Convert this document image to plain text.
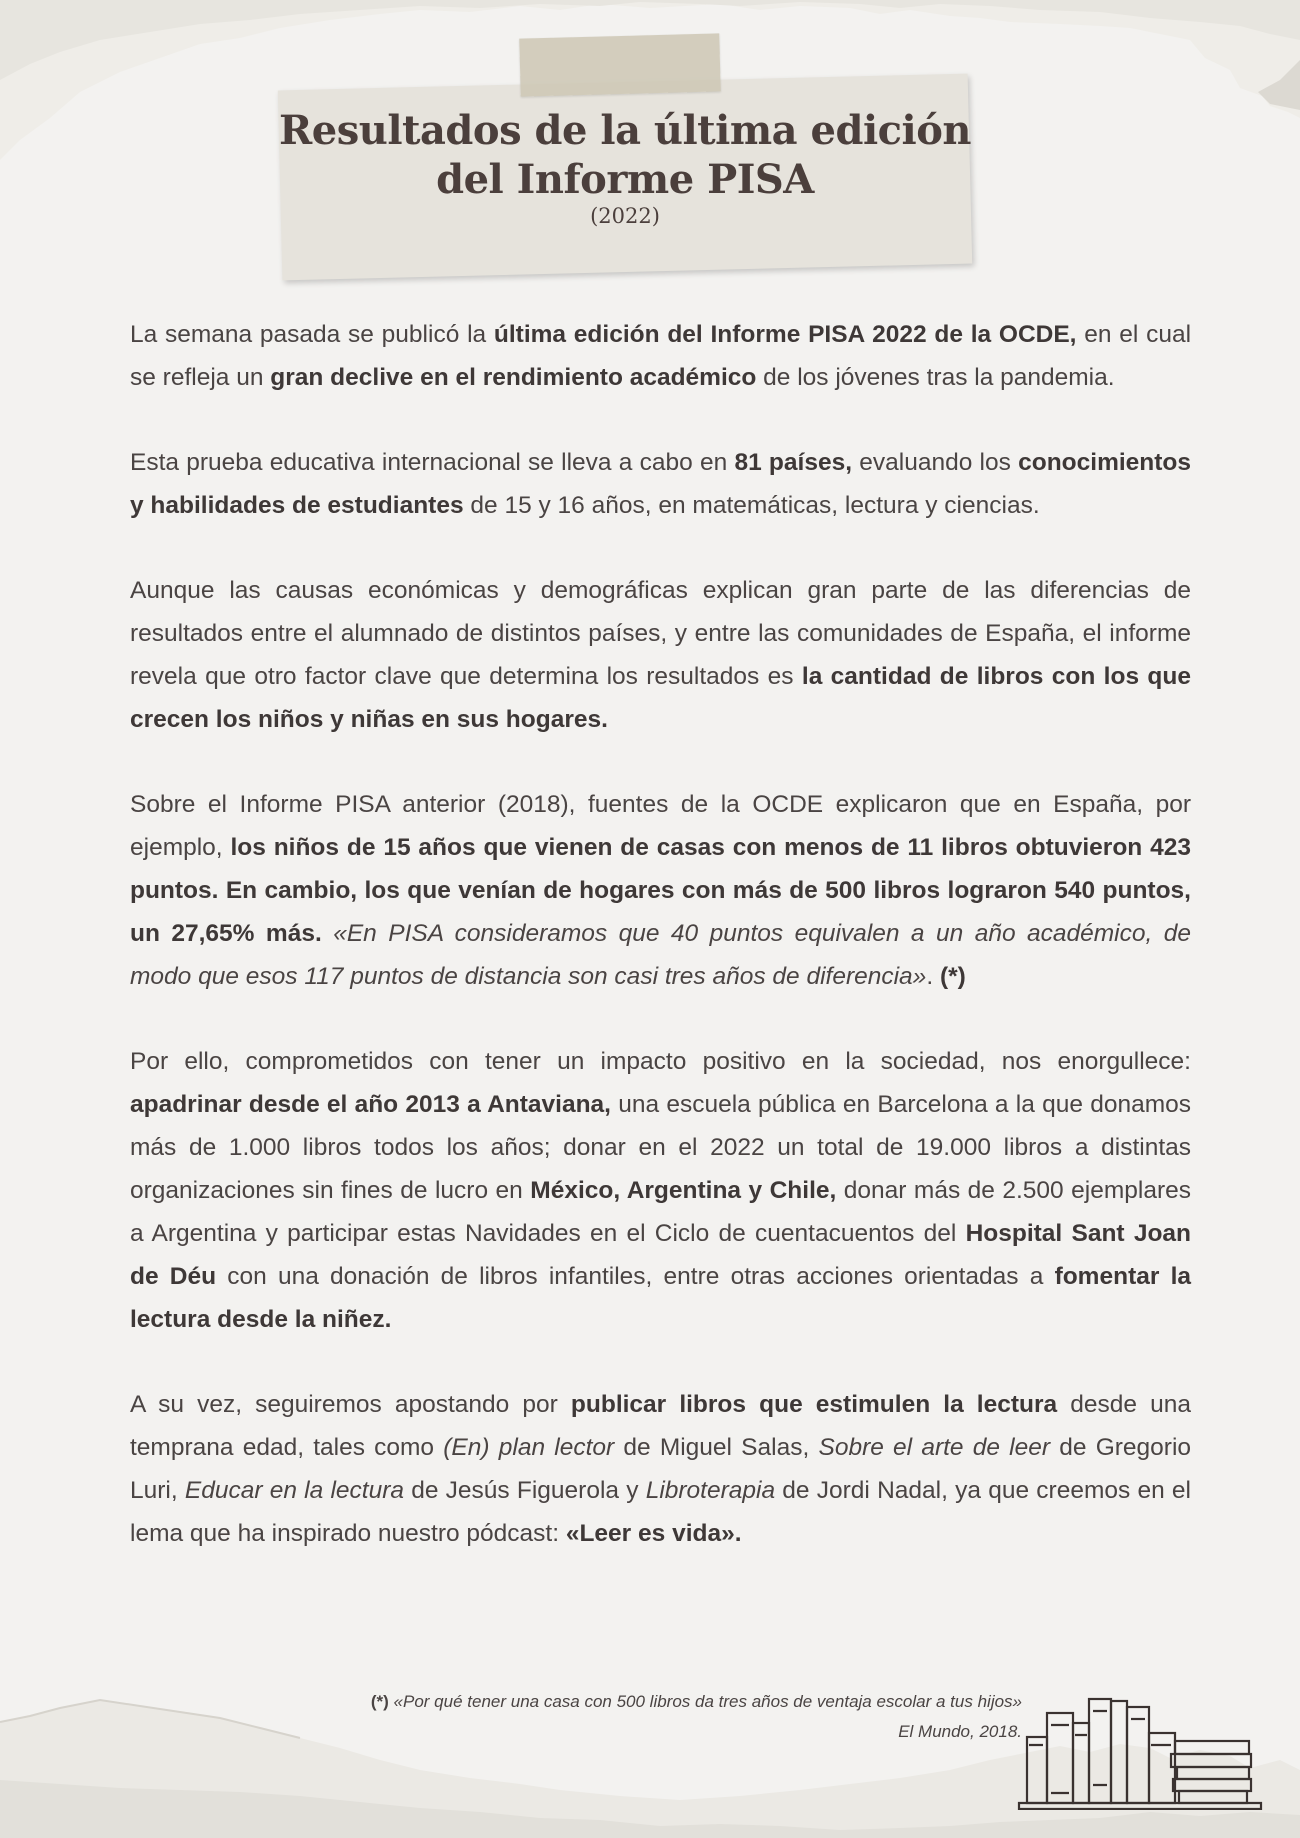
Resultados de la última edición
del Informe PISA
(2022)

La semana pasada se publicó la última edición del Informe PISA 2022 de la OCDE, en el cual se refleja un gran declive en el rendimiento académico de los jóvenes tras la pandemia.

Esta prueba educativa internacional se lleva a cabo en 81 países, evaluando los conocimientos y habilidades de estudiantes de 15 y 16 años, en matemáticas, lectura y ciencias.

Aunque las causas económicas y demográficas explican gran parte de las diferencias de resultados entre el alumnado de distintos países, y entre las comunidades de España, el informe revela que otro factor clave que determina los resultados es la cantidad de libros con los que crecen los niños y niñas en sus hogares.

Sobre el Informe PISA anterior (2018), fuentes de la OCDE explicaron que en España, por ejemplo, los niños de 15 años que vienen de casas con menos de 11 libros obtuvieron 423 puntos. En cambio, los que venían de hogares con más de 500 libros lograron 540 puntos, un 27,65% más. «En PISA consideramos que 40 puntos equivalen a un año académico, de modo que esos 117 puntos de distancia son casi tres años de diferencia». (*)

Por ello, comprometidos con tener un impacto positivo en la sociedad, nos enorgullece: apadrinar desde el año 2013 a Antaviana, una escuela pública en Barcelona a la que donamos más de 1.000 libros todos los años; donar en el 2022 un total de 19.000 libros a distintas organizaciones sin fines de lucro en México, Argentina y Chile, donar más de 2.500 ejemplares a Argentina y participar estas Navidades en el Ciclo de cuentacuentos del Hospital Sant Joan de Déu con una donación de libros infantiles, entre otras acciones orientadas a fomentar la lectura desde la niñez.

A su vez, seguiremos apostando por publicar libros que estimulen la lectura desde una temprana edad, tales como (En) plan lector de Miguel Salas, Sobre el arte de leer de Gregorio Luri, Educar en la lectura de Jesús Figuerola y Libroterapia de Jordi Nadal, ya que creemos en el lema que ha inspirado nuestro pódcast: «Leer es vida».

(*) «Por qué tener una casa con 500 libros da tres años de ventaja escolar a tus hijos»
El Mundo, 2018.
